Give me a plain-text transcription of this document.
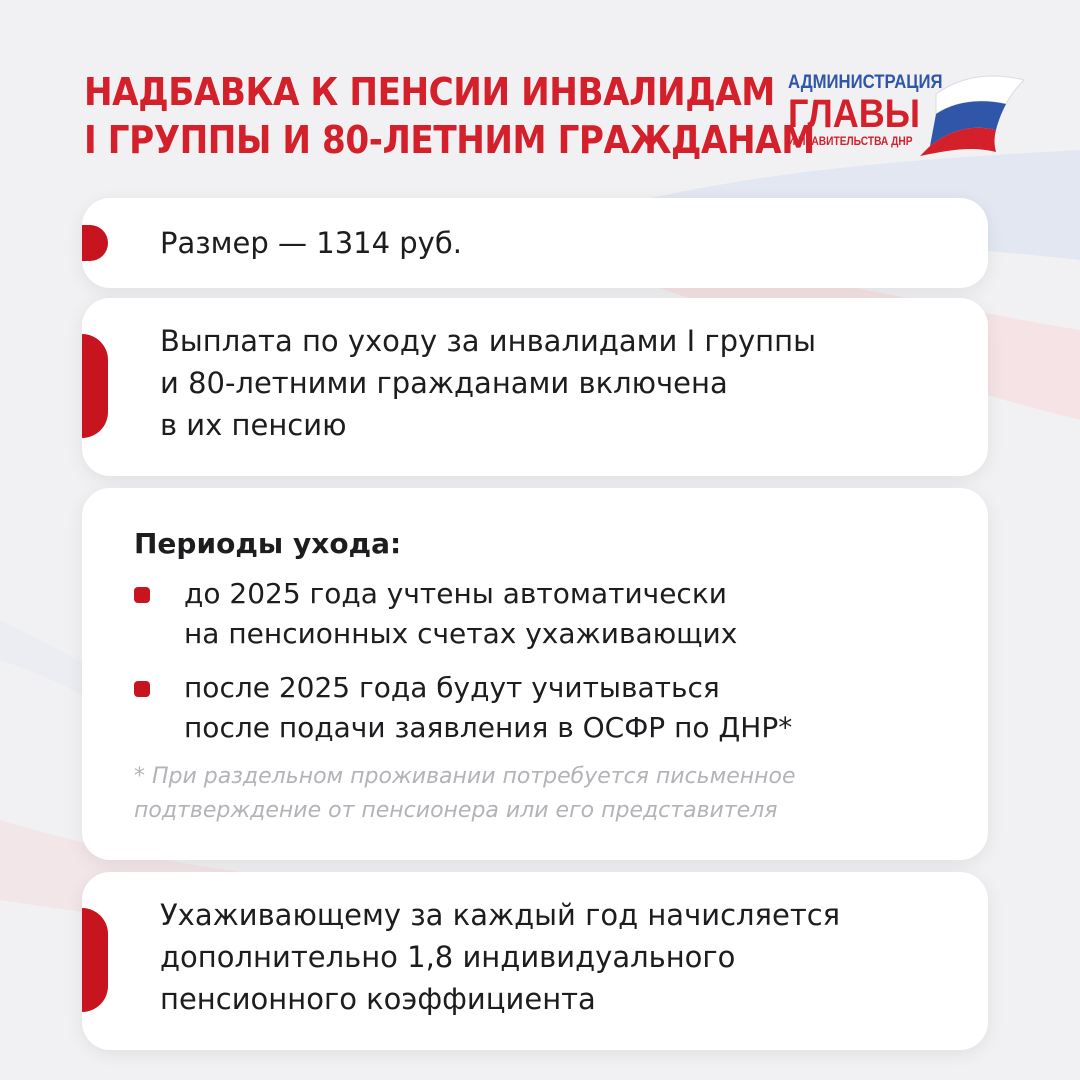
НАДБАВКА К ПЕНСИИ ИНВАЛИДАМ
I ГРУППЫ И 80-ЛЕТНИМ ГРАЖДАНАМ
АДМИНИСТРАЦИЯ
ГЛАВЫ
И ПРАВИТЕЛЬСТВА ДНР

Размер — 1314 руб.

Выплата по уходу за инвалидами I группы
и 80-летними гражданами включена
в их пенсию

Периоды ухода:

до 2025 года учтены автоматически
на пенсионных счетах ухаживающих

после 2025 года будут учитываться
после подачи заявления в ОСФР по ДНР*

* При раздельном проживании потребуется письменное
подтверждение от пенсионера или его представителя

Ухаживающему за каждый год начисляется
дополнительно 1,8 индивидуального
пенсионного коэффициента
